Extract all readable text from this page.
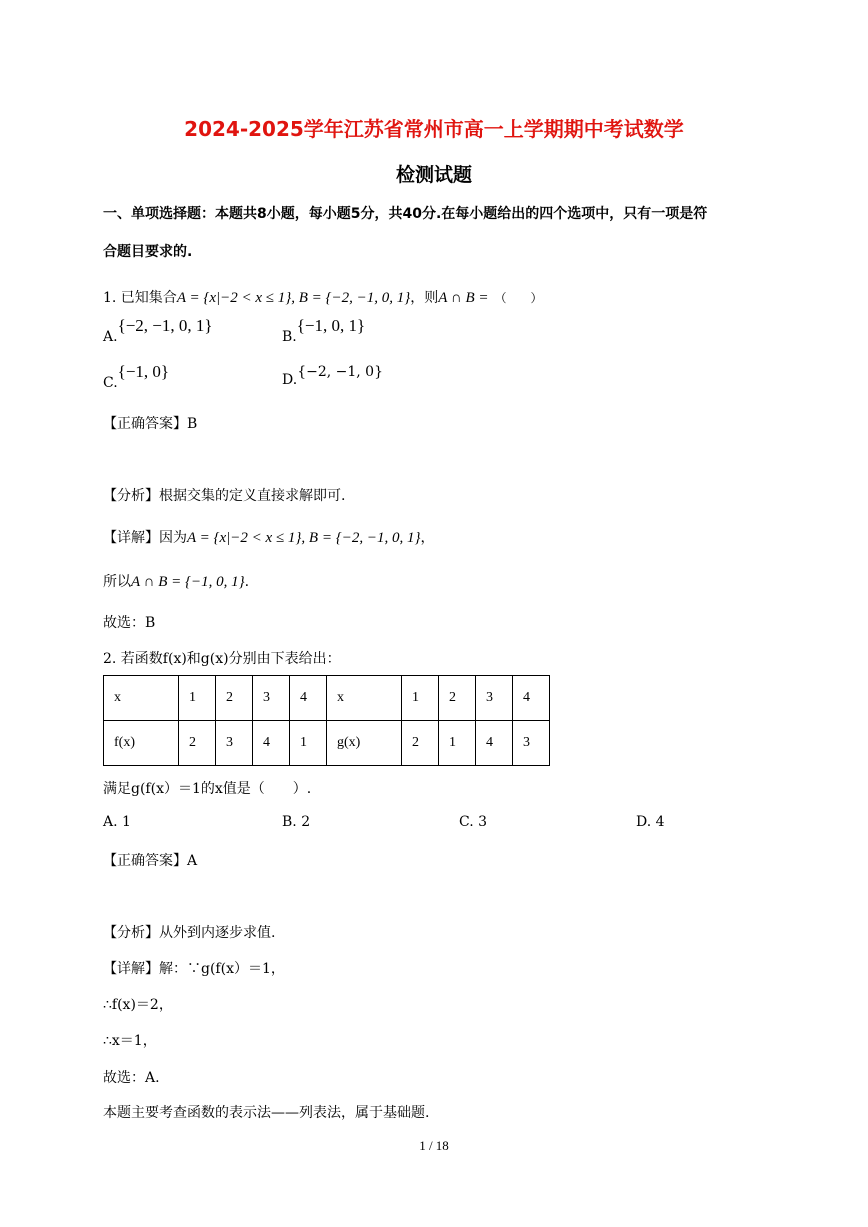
2024-2025学年江苏省常州市高一上学期期中考试数学
检测试题
一、单项选择题：本题共8小题，每小题5分，共40分.在每小题给出的四个选项中，只有一项是符
合题目要求的.
1. 已知集合A = {x|−2 < x ≤ 1}, B = {−2, −1, 0, 1}，则A ∩ B = （　　）
A.{−2, −1, 0, 1}
B.{−1, 0, 1}
C.{−1, 0}	D.{−2, −1, 0}
【正确答案】B
【分析】根据交集的定义直接求解即可.
【详解】因为A = {x|−2 < x ≤ 1}, B = {−2, −1, 0, 1}，
所以A ∩ B = {−1, 0, 1}.
故选：B
2. 若函数f(x)和g(x)分别由下表给出：
x	1	2	3	4	x	1	2	3	4
f(x)	2	3	4	1	g(x)	2	1	4	3
满足g(f(x）＝1的x值是（　　）.
A. 1	B. 2	C. 3	D. 4
【正确答案】A
【分析】从外到内逐步求值.
【详解】解：∵g(f(x）＝1，
∴f(x)＝2，
∴x＝1，
故选：A.
本题主要考查函数的表示法——列表法，属于基础题.
1 / 18
